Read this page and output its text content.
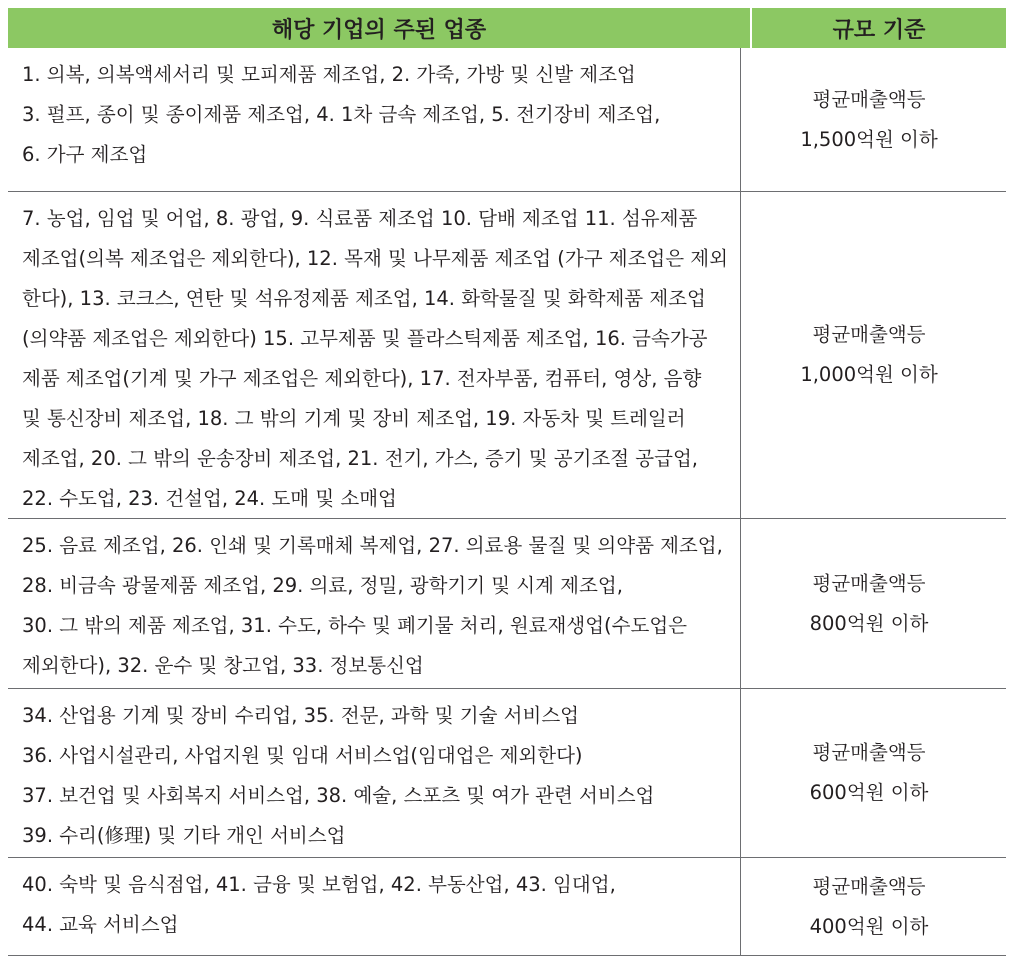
해당 기업의 주된 업종	규모 기준
1. 의복, 의복액세서리 및 모피제품 제조업, 2. 가죽, 가방 및 신발 제조업
3. 펄프, 종이 및 종이제품 제조업, 4. 1차 금속 제조업, 5. 전기장비 제조업,
6. 가구 제조업
평균매출액등
1,500억원 이하
7. 농업, 임업 및 어업, 8. 광업, 9. 식료품 제조업 10. 담배 제조업 11. 섬유제품
제조업(의복 제조업은 제외한다), 12. 목재 및 나무제품 제조업 (가구 제조업은 제외
한다), 13. 코크스, 연탄 및 석유정제품 제조업, 14. 화학물질 및 화학제품 제조업
(의약품 제조업은 제외한다) 15. 고무제품 및 플라스틱제품 제조업, 16. 금속가공
제품 제조업(기계 및 가구 제조업은 제외한다), 17. 전자부품, 컴퓨터, 영상, 음향
및 통신장비 제조업, 18. 그 밖의 기계 및 장비 제조업, 19. 자동차 및 트레일러
제조업, 20. 그 밖의 운송장비 제조업, 21. 전기, 가스, 증기 및 공기조절 공급업,
22. 수도업, 23. 건설업, 24. 도매 및 소매업
평균매출액등
1,000억원 이하
25. 음료 제조업, 26. 인쇄 및 기록매체 복제업, 27. 의료용 물질 및 의약품 제조업,
28. 비금속 광물제품 제조업, 29. 의료, 정밀, 광학기기 및 시계 제조업,
30. 그 밖의 제품 제조업, 31. 수도, 하수 및 폐기물 처리, 원료재생업(수도업은
제외한다), 32. 운수 및 창고업, 33. 정보통신업
평균매출액등
800억원 이하
34. 산업용 기계 및 장비 수리업, 35. 전문, 과학 및 기술 서비스업
36. 사업시설관리, 사업지원 및 임대 서비스업(임대업은 제외한다)
37. 보건업 및 사회복지 서비스업, 38. 예술, 스포츠 및 여가 관련 서비스업
39. 수리(修理) 및 기타 개인 서비스업
평균매출액등
600억원 이하
40. 숙박 및 음식점업, 41. 금융 및 보험업, 42. 부동산업, 43. 임대업,
44. 교육 서비스업
평균매출액등
400억원 이하
